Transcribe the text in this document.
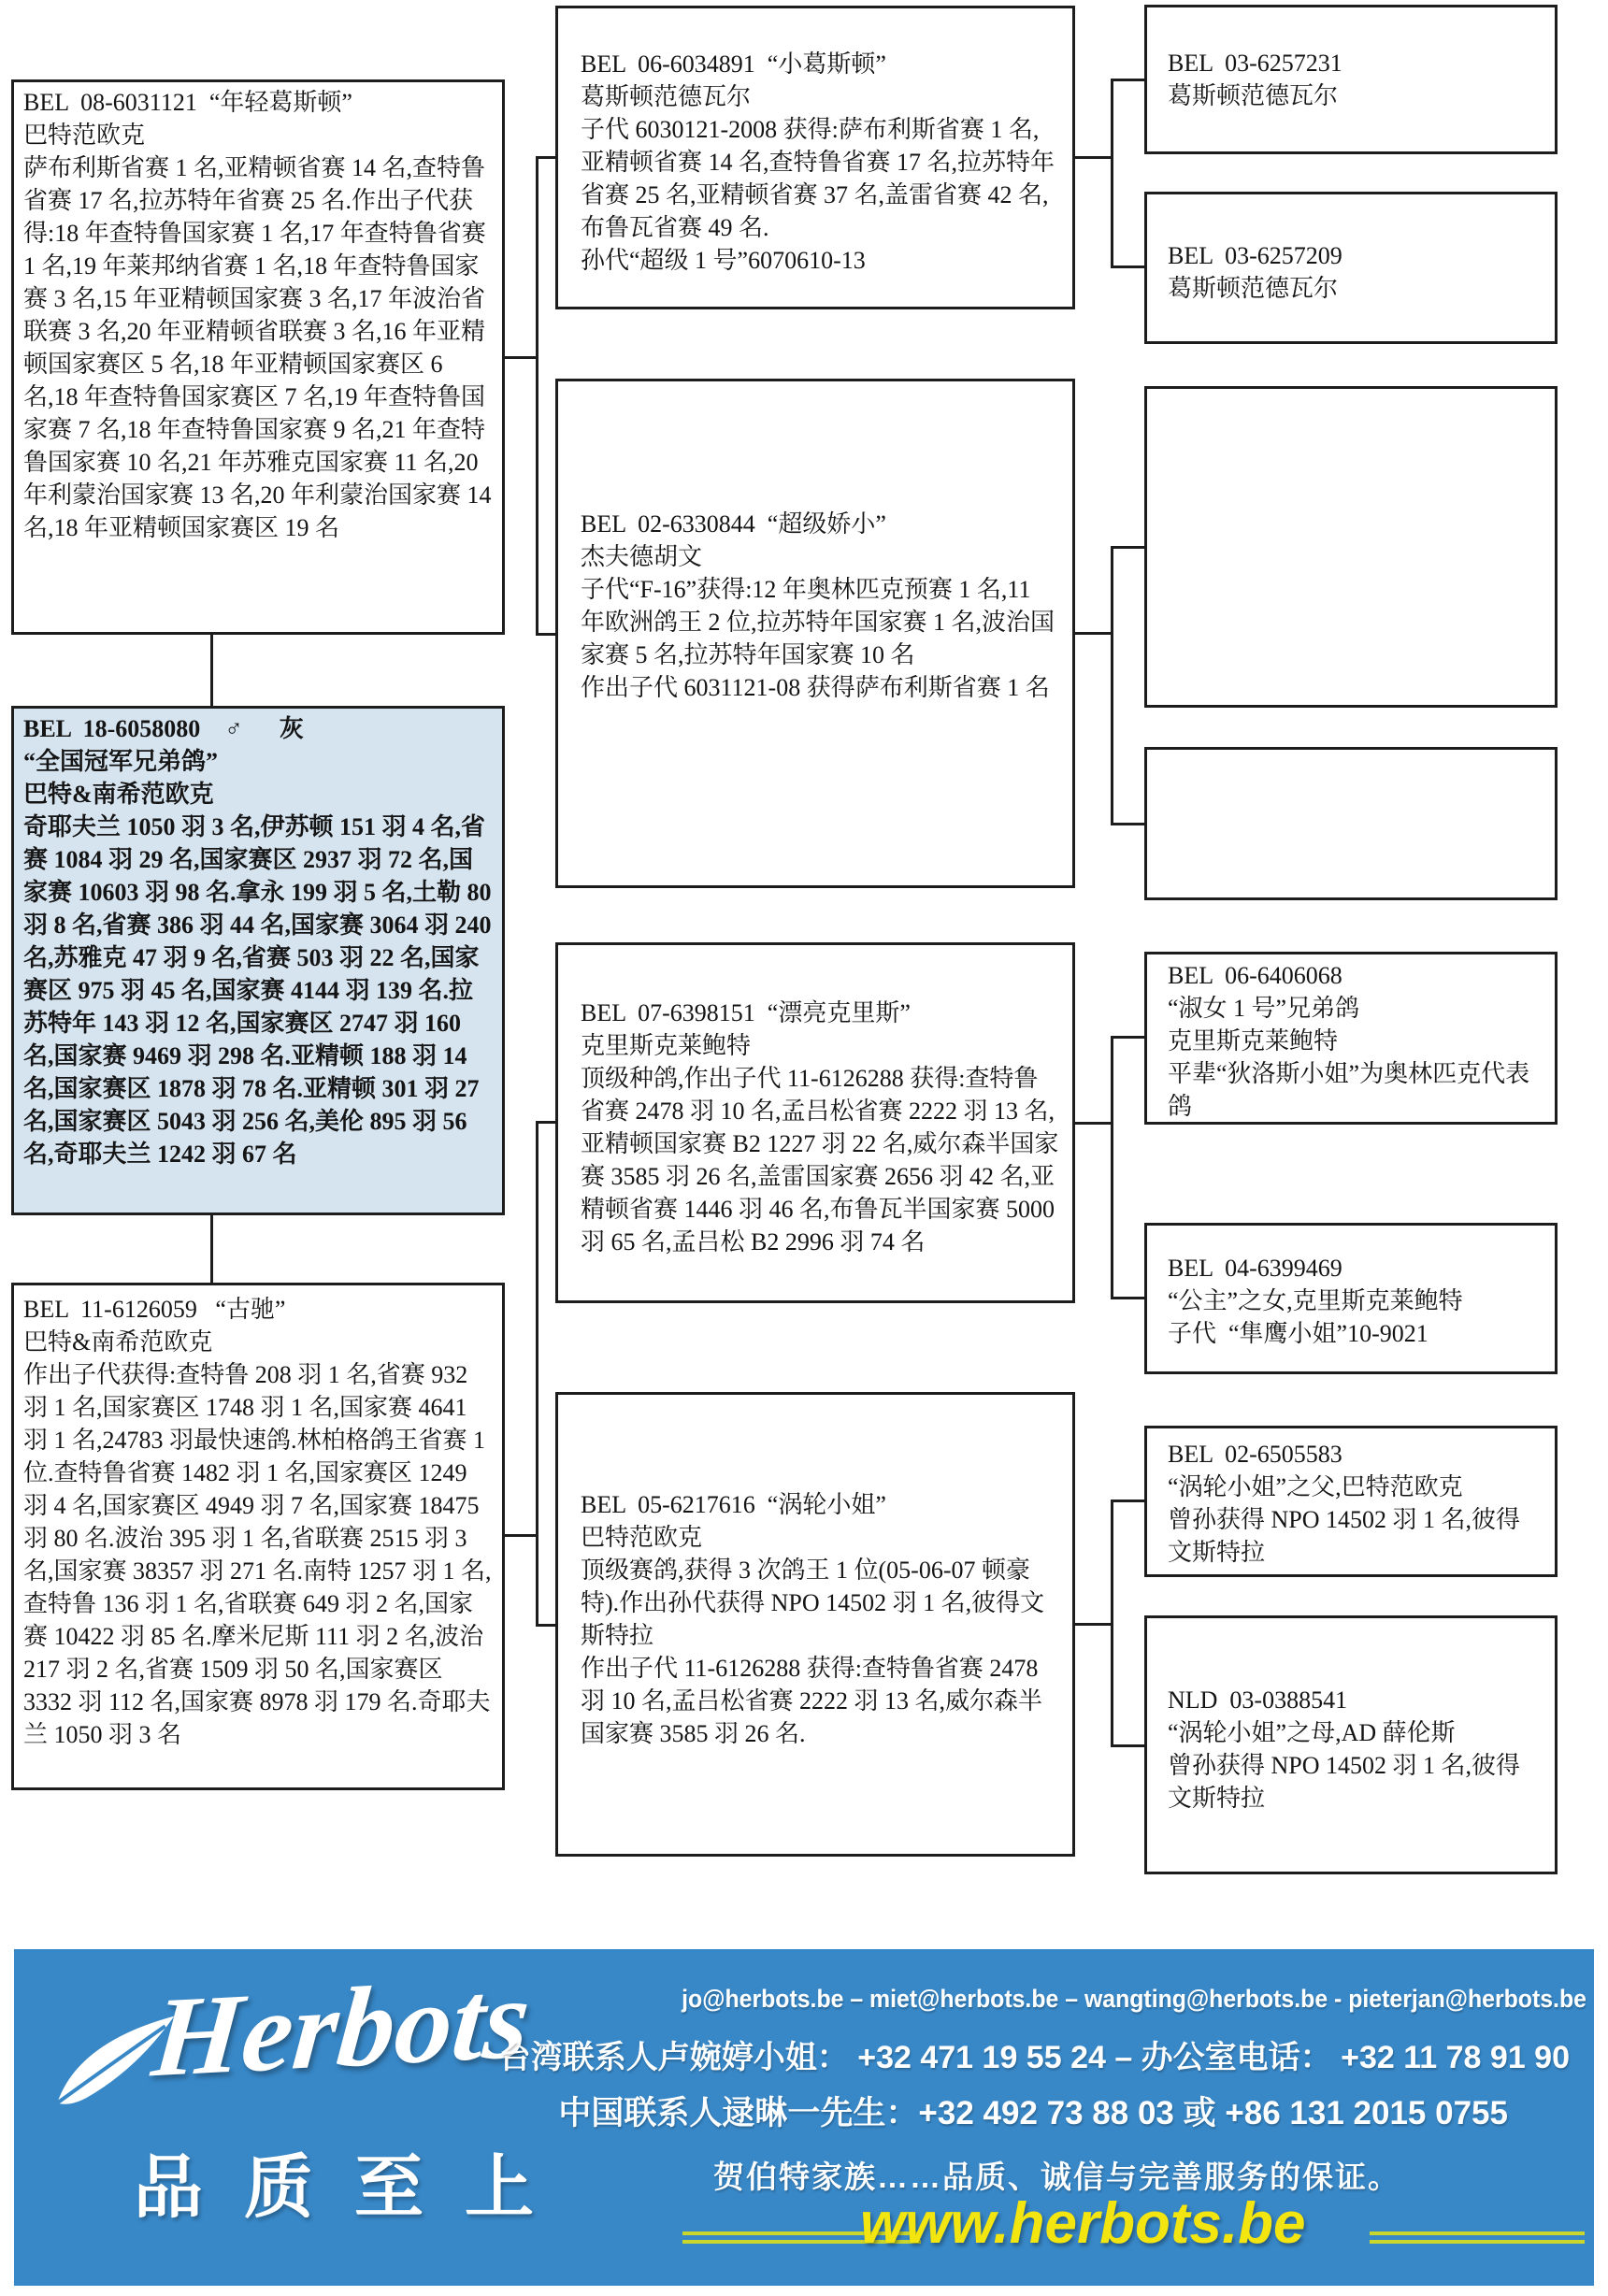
BEL  08-6031121  “年轻葛斯顿”
巴特范欧克
萨布利斯省赛 1 名,亚精顿省赛 14 名,查特鲁省赛 17 名,拉苏特年省赛 25 名.作出子代获得:18 年查特鲁国家赛 1 名,17 年查特鲁省赛 1 名,19 年莱邦纳省赛 1 名,18 年查特鲁国家赛 3 名,15 年亚精顿国家赛 3 名,17 年波治省联赛 3 名,20 年亚精顿省联赛 3 名,16 年亚精顿国家赛区 5 名,18 年亚精顿国家赛区 6 名,18 年查特鲁国家赛区 7 名,19 年查特鲁国家赛 7 名,18 年查特鲁国家赛 9 名,21 年查特鲁国家赛 10 名,21 年苏雅克国家赛 11 名,20 年利蒙治国家赛 13 名,20 年利蒙治国家赛 14 名,18 年亚精顿国家赛区 19 名
BEL  18-6058080    ♂      灰
“全国冠军兄弟鸽”
巴特&南希范欧克
奇耶夫兰 1050 羽 3 名,伊苏顿 151 羽 4 名,省赛 1084 羽 29 名,国家赛区 2937 羽 72 名,国家赛 10603 羽 98 名.拿永 199 羽 5 名,土勒 80 羽 8 名,省赛 386 羽 44 名,国家赛 3064 羽 240 名,苏雅克 47 羽 9 名,省赛 503 羽 22 名,国家赛区 975 羽 45 名,国家赛 4144 羽 139 名.拉苏特年 143 羽 12 名,国家赛区 2747 羽 160 名,国家赛 9469 羽 298 名.亚精顿 188 羽 14 名,国家赛区 1878 羽 78 名.亚精顿 301 羽 27 名,国家赛区 5043 羽 256 名,美伦 895 羽 56 名,奇耶夫兰 1242 羽 67 名
BEL  11-6126059   “古驰”
巴特&南希范欧克
作出子代获得:查特鲁 208 羽 1 名,省赛 932 羽 1 名,国家赛区 1748 羽 1 名,国家赛 4641 羽 1 名,24783 羽最快速鸽.林柏格鸽王省赛 1 位.查特鲁省赛 1482 羽 1 名,国家赛区 1249 羽 4 名,国家赛区 4949 羽 7 名,国家赛 18475 羽 80 名.波治 395 羽 1 名,省联赛 2515 羽 3 名,国家赛 38357 羽 271 名.南特 1257 羽 1 名,查特鲁 136 羽 1 名,省联赛 649 羽 2 名,国家赛 10422 羽 85 名.摩米尼斯 111 羽 2 名,波治 217 羽 2 名,省赛 1509 羽 50 名,国家赛区 3332 羽 112 名,国家赛 8978 羽 179 名.奇耶夫兰 1050 羽 3 名
BEL  06-6034891  “小葛斯顿”
葛斯顿范德瓦尔
子代 6030121-2008 获得:萨布利斯省赛 1 名,亚精顿省赛 14 名,查特鲁省赛 17 名,拉苏特年省赛 25 名,亚精顿省赛 37 名,盖雷省赛 42 名,布鲁瓦省赛 49 名.
孙代“超级 1 号”6070610-13
BEL  02-6330844  “超级娇小”
杰夫德胡文
子代“F-16”获得:12 年奥林匹克预赛 1 名,11 年欧洲鸽王 2 位,拉苏特年国家赛 1 名,波治国家赛 5 名,拉苏特年国家赛 10 名
作出子代 6031121-08 获得萨布利斯省赛 1 名
BEL  07-6398151  “漂亮克里斯”
克里斯克莱鲍特
顶级种鸽,作出子代 11-6126288 获得:查特鲁省赛 2478 羽 10 名,孟吕松省赛 2222 羽 13 名,亚精顿国家赛 B2 1227 羽 22 名,威尔森半国家赛 3585 羽 26 名,盖雷国家赛 2656 羽 42 名,亚精顿省赛 1446 羽 46 名,布鲁瓦半国家赛 5000 羽 65 名,孟吕松 B2 2996 羽 74 名
BEL  05-6217616  “涡轮小姐”
巴特范欧克
顶级赛鸽,获得 3 次鸽王 1 位(05-06-07 顿豪特).作出孙代获得 NPO 14502 羽 1 名,彼得文斯特拉
作出子代 11-6126288 获得:查特鲁省赛 2478 羽 10 名,孟吕松省赛 2222 羽 13 名,威尔森半国家赛 3585 羽 26 名.
BEL  03-6257231
葛斯顿范德瓦尔
BEL  03-6257209
葛斯顿范德瓦尔
BEL  06-6406068
“淑女 1 号”兄弟鸽
克里斯克莱鲍特
平辈“狄洛斯小姐”为奥林匹克代表鸽
BEL  04-6399469
“公主”之女,克里斯克莱鲍特
子代  “隼鹰小姐”10-9021
BEL  02-6505583
“涡轮小姐”之父,巴特范欧克
曾孙获得 NPO 14502 羽 1 名,彼得文斯特拉
NLD  03-0388541
“涡轮小姐”之母,AD 薛伦斯
曾孙获得 NPO 14502 羽 1 名,彼得文斯特拉
Herbots
品质至上
jo@herbots.be – miet@herbots.be – wangting@herbots.be - pieterjan@herbots.be
台湾联系人卢婉婷小姐： +32 471 19 55 24 – 办公室电话： +32 11 78 91 90
中国联系人逯晽一先生：+32 492 73 88 03 或 +86 131 2015 0755
贺伯特家族……品质、诚信与完善服务的保证。
www.herbots.be
